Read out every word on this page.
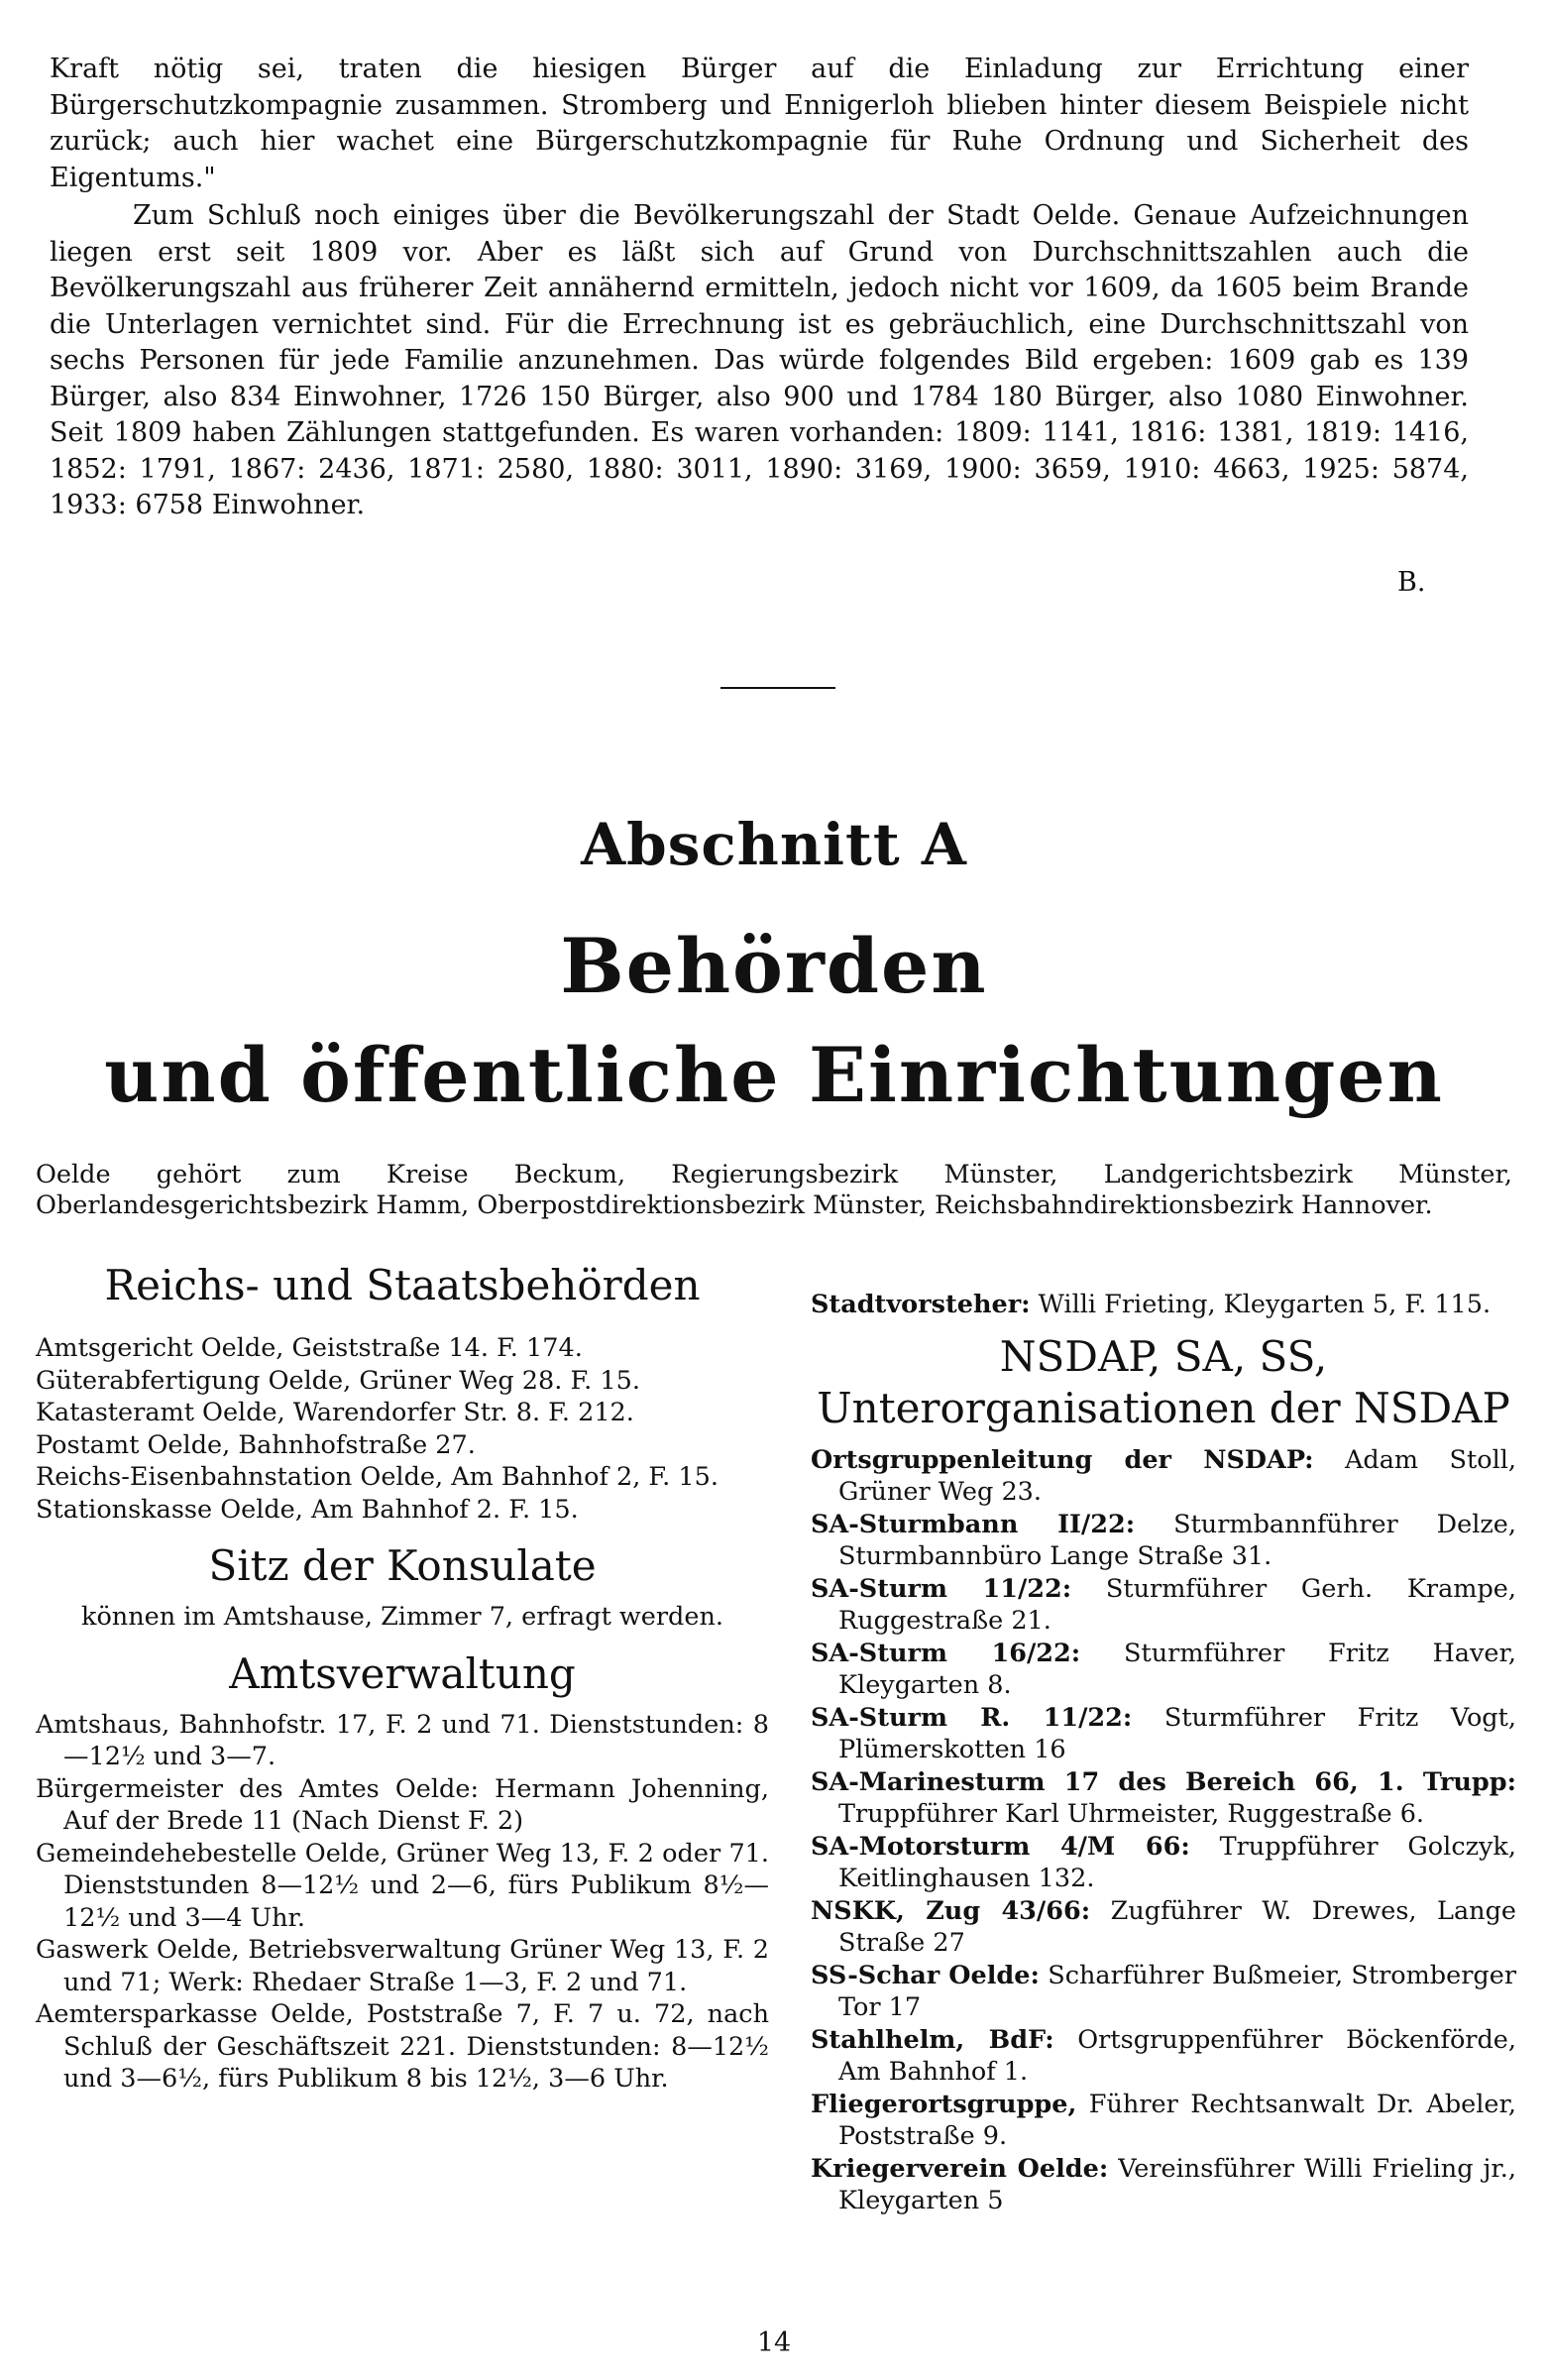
Kraft nötig sei, traten die hiesigen Bürger auf die Einladung zur Errichtung einer Bürgerschutzkompagnie zusammen. Stromberg und Ennigerloh blieben hinter diesem Beispiele nicht zurück; auch hier wachet eine Bürgerschutzkompagnie für Ruhe Ordnung und Sicherheit des Eigentums."

Zum Schluß noch einiges über die Bevölkerungszahl der Stadt Oelde. Genaue Aufzeichnungen liegen erst seit 1809 vor. Aber es läßt sich auf Grund von Durchschnittszahlen auch die Bevölkerungszahl aus früherer Zeit annähernd ermitteln, jedoch nicht vor 1609, da 1605 beim Brande die Unterlagen vernichtet sind. Für die Errechnung ist es gebräuchlich, eine Durchschnittszahl von sechs Personen für jede Familie anzunehmen. Das würde folgendes Bild ergeben: 1609 gab es 139 Bürger, also 834 Einwohner, 1726 150 Bürger, also 900 und 1784 180 Bürger, also 1080 Einwohner. Seit 1809 haben Zählungen stattgefunden. Es waren vorhanden: 1809: 1141, 1816: 1381, 1819: 1416, 1852: 1791, 1867: 2436, 1871: 2580, 1880: 3011, 1890: 3169, 1900: 3659, 1910: 4663, 1925: 5874, 1933: 6758 Einwohner.

B.
Abschnitt A
Behörden
und öffentliche Einrichtungen
Oelde gehört zum Kreise Beckum, Regierungsbezirk Münster, Landgerichtsbezirk Münster, Oberlandesgerichtsbezirk Hamm, Oberpostdirektionsbezirk Münster, Reichsbahndirektionsbezirk Hannover.
Reichs- und Staatsbehörden

Amtsgericht Oelde, Geiststraße 14. F. 174.

Güterabfertigung Oelde, Grüner Weg 28. F. 15.

Katasteramt Oelde, Warendorfer Str. 8. F. 212.

Postamt Oelde, Bahnhofstraße 27.

Reichs-Eisenbahnstation Oelde, Am Bahnhof 2, F. 15.

Stationskasse Oelde, Am Bahnhof 2. F. 15.

Sitz der Konsulate

können im Amtshause, Zimmer 7, erfragt werden.

Amtsverwaltung

Amtshaus, Bahnhofstr. 17, F. 2 und 71. Dienststunden: 8—12½ und 3—7.

Bürgermeister des Amtes Oelde: Hermann Johenning, Auf der Brede 11 (Nach Dienst F. 2)

Gemeindehebestelle Oelde, Grüner Weg 13, F. 2 oder 71. Dienststunden 8—12½ und 2—6, fürs Publikum 8½—12½ und 3—4 Uhr.

Gaswerk Oelde, Betriebsverwaltung Grüner Weg 13, F. 2 und 71; Werk: Rhedaer Straße 1—3, F. 2 und 71.

Aemtersparkasse Oelde, Poststraße 7, F. 7 u. 72, nach Schluß der Geschäftszeit 221. Dienststunden: 8—12½ und 3—6½, fürs Publikum 8 bis 12½, 3—6 Uhr.

Stadtvorsteher: Willi Frieting, Kleygarten 5, F. 115.

NSDAP, SA, SS, Unterorganisationen der NSDAP

Ortsgruppenleitung der NSDAP: Adam Stoll, Grüner Weg 23.

SA-Sturmbann II/22: Sturmbannführer Delze, Sturmbannbüro Lange Straße 31.

SA-Sturm 11/22: Sturmführer Gerh. Krampe, Ruggestraße 21.

SA-Sturm 16/22: Sturmführer Fritz Haver, Kleygarten 8.

SA-Sturm R. 11/22: Sturmführer Fritz Vogt, Plümerskotten 16

SA-Marinesturm 17 des Bereich 66, 1. Trupp: Truppführer Karl Uhrmeister, Ruggestraße 6.

SA-Motorsturm 4/M 66: Truppführer Golczyk, Keitlinghausen 132.

NSKK, Zug 43/66: Zugführer W. Drewes, Lange Straße 27

SS-Schar Oelde: Scharführer Bußmeier, Stromberger Tor 17

Stahlhelm, BdF: Ortsgruppenführer Böckenförde, Am Bahnhof 1.

Fliegerortsgruppe, Führer Rechtsanwalt Dr. Abeler, Poststraße 9.

Kriegerverein Oelde: Vereinsführer Willi Frieling jr., Kleygarten 5

14
